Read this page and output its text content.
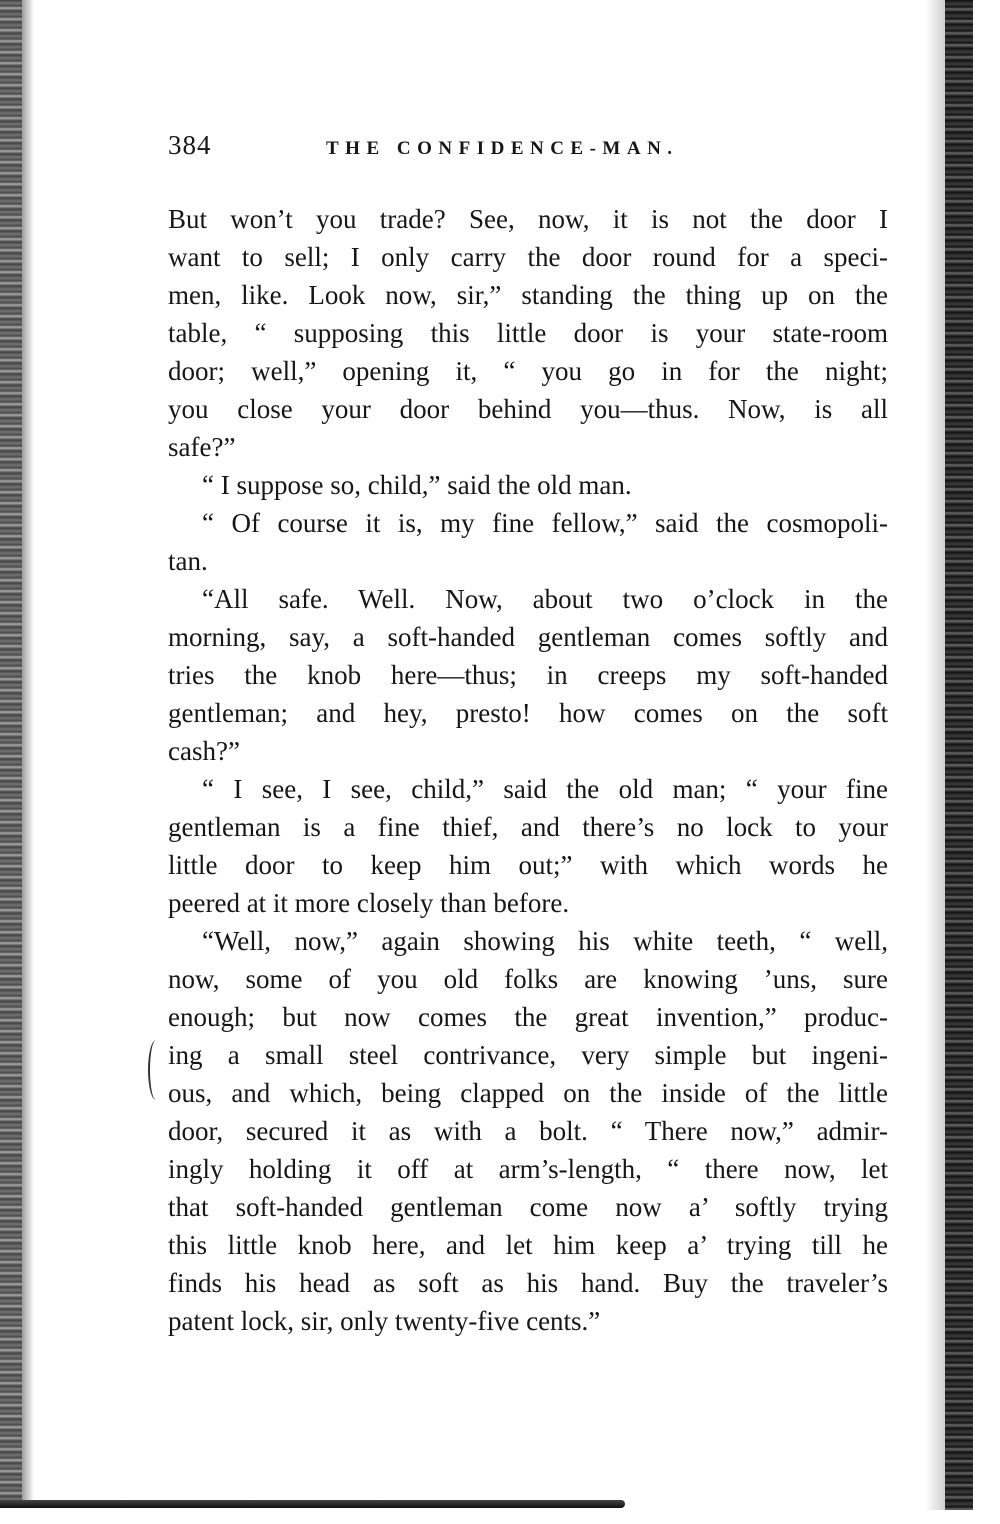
384	THE CONFIDENCE-MAN.
But won’t you trade? See, now, it is not the door I
want to sell; I only carry the door round for a speci-
men, like. Look now, sir,” standing the thing up on the
table, “ supposing this little door is your state-room
door; well,” opening it, “ you go in for the night;
you close your door behind you—thus. Now, is all
safe?”
“ I suppose so, child,” said the old man.
“ Of course it is, my fine fellow,” said the cosmopoli-
tan.
“All safe. Well. Now, about two o’clock in the
morning, say, a soft-handed gentleman comes softly and
tries the knob here—thus; in creeps my soft-handed
gentleman; and hey, presto! how comes on the soft
cash?”
“ I see, I see, child,” said the old man; “ your fine
gentleman is a fine thief, and there’s no lock to your
little door to keep him out;” with which words he
peered at it more closely than before.
“Well, now,” again showing his white teeth, “ well,
now, some of you old folks are knowing ’uns, sure
enough; but now comes the great invention,” produc-
ing a small steel contrivance, very simple but ingeni-
ous, and which, being clapped on the inside of the little
door, secured it as with a bolt. “ There now,” admir-
ingly holding it off at arm’s-length, “ there now, let
that soft-handed gentleman come now a’ softly trying
this little knob here, and let him keep a’ trying till he
finds his head as soft as his hand. Buy the traveler’s
patent lock, sir, only twenty-five cents.”
